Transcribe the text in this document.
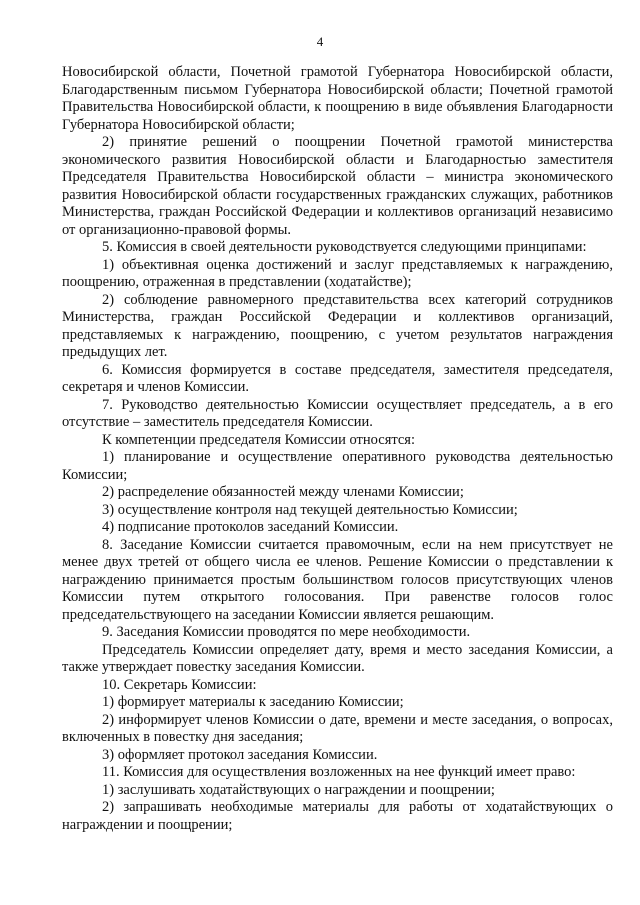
4

Новосибирской области, Почетной грамотой Губернатора Новосибирской области, Благодарственным письмом Губернатора Новосибирской области; Почетной грамотой Правительства Новосибирской области, к поощрению в виде объявления Благодарности Губернатора Новосибирской области;

2) принятие решений о поощрении Почетной грамотой министерства экономического развития Новосибирской области и Благодарностью заместителя Председателя Правительства Новосибирской области – министра экономического развития Новосибирской области государственных гражданских служащих, работников Министерства, граждан Российской Федерации и коллективов организаций независимо от организационно-правовой формы.

5. Комиссия в своей деятельности руководствуется следующими принципами:

1) объективная оценка достижений и заслуг представляемых к награждению, поощрению, отраженная в представлении (ходатайстве);

2) соблюдение равномерного представительства всех категорий сотрудников Министерства, граждан Российской Федерации и коллективов организаций, представляемых к награждению, поощрению, с учетом результатов награждения предыдущих лет.

6. Комиссия формируется в составе председателя, заместителя председателя, секретаря и членов Комиссии.

7. Руководство деятельностью Комиссии осуществляет председатель, а в его отсутствие – заместитель председателя Комиссии.

К компетенции председателя Комиссии относятся:

1) планирование и осуществление оперативного руководства деятельностью Комиссии;

2) распределение обязанностей между членами Комиссии;

3) осуществление контроля над текущей деятельностью Комиссии;

4) подписание протоколов заседаний Комиссии.

8. Заседание Комиссии считается правомочным, если на нем присутствует не менее двух третей от общего числа ее членов. Решение Комиссии о представлении к награждению принимается простым большинством голосов присутствующих членов Комиссии путем открытого голосования. При равенстве голосов голос председательствующего на заседании Комиссии является решающим.

9. Заседания Комиссии проводятся по мере необходимости.

Председатель Комиссии определяет дату, время и место заседания Комиссии, а также утверждает повестку заседания Комиссии.

10. Секретарь Комиссии:

1) формирует материалы к заседанию Комиссии;

2) информирует членов Комиссии о дате, времени и месте заседания, о вопросах, включенных в повестку дня заседания;

3) оформляет протокол заседания Комиссии.

11. Комиссия для осуществления возложенных на нее функций имеет право:

1) заслушивать ходатайствующих о награждении и поощрении;

2) запрашивать необходимые материалы для работы от ходатайствующих о награждении и поощрении;
